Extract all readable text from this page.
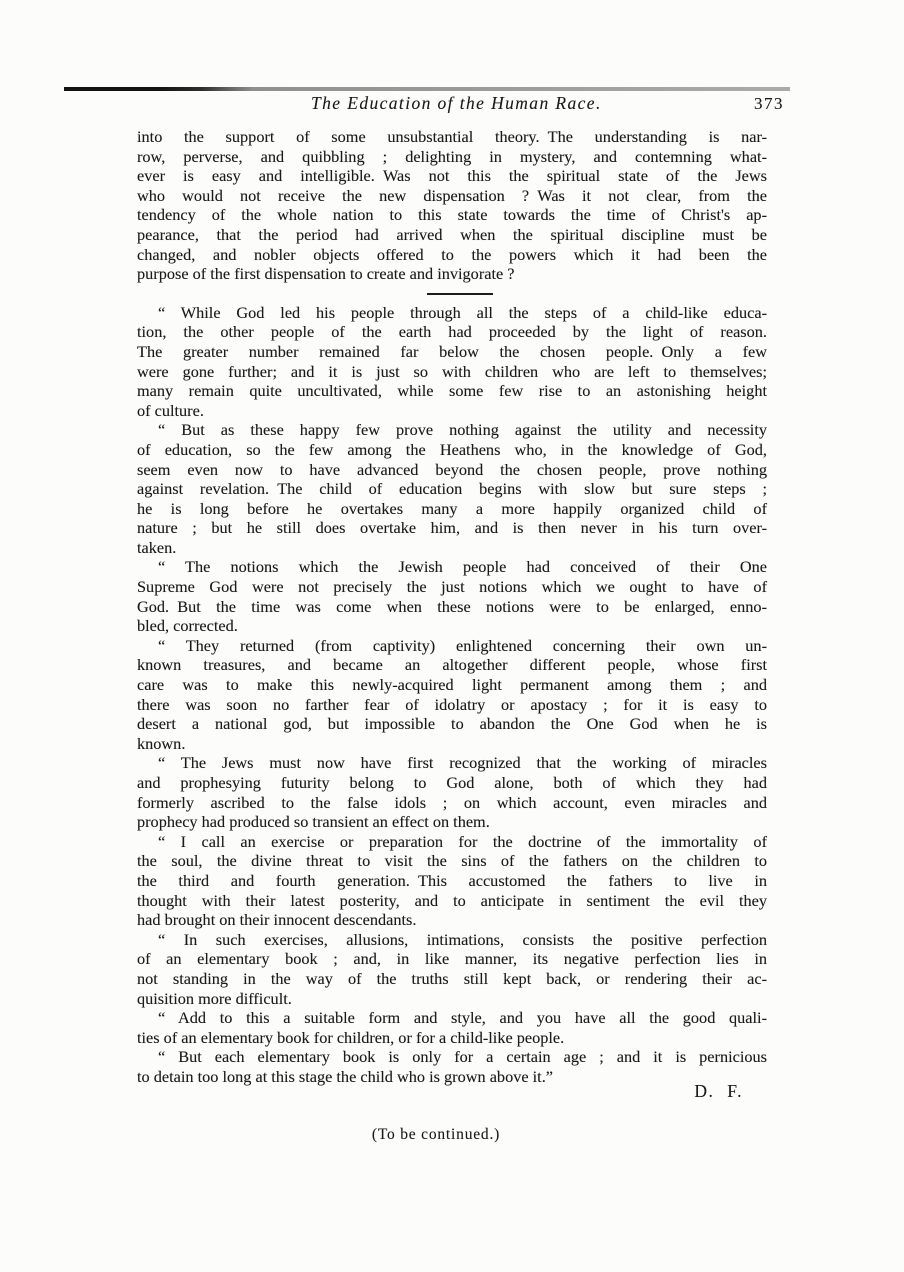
The Education of the Human Race.	373
into the support of some unsubstantial theory. The understanding is nar-
row, perverse, and quibbling ; delighting in mystery, and contemning what-
ever is easy and intelligible. Was not this the spiritual state of the Jews
who would not receive the new dispensation ? Was it not clear, from the
tendency of the whole nation to this state towards the time of Christ's ap-
pearance, that the period had arrived when the spiritual discipline must be
changed, and nobler objects offered to the powers which it had been the
purpose of the first dispensation to create and invigorate ?
“ While God led his people through all the steps of a child-like educa-
tion, the other people of the earth had proceeded by the light of reason.
The greater number remained far below the chosen people. Only a few
were gone further; and it is just so with children who are left to themselves;
many remain quite uncultivated, while some few rise to an astonishing height
of culture.
“ But as these happy few prove nothing against the utility and necessity
of education, so the few among the Heathens who, in the knowledge of God,
seem even now to have advanced beyond the chosen people, prove nothing
against revelation. The child of education begins with slow but sure steps ;
he is long before he overtakes many a more happily organized child of
nature ; but he still does overtake him, and is then never in his turn over-
taken.
“ The notions which the Jewish people had conceived of their One
Supreme God were not precisely the just notions which we ought to have of
God. But the time was come when these notions were to be enlarged, enno-
bled, corrected.
“ They returned (from captivity) enlightened concerning their own un-
known treasures, and became an altogether different people, whose first
care was to make this newly-acquired light permanent among them ; and
there was soon no farther fear of idolatry or apostacy ; for it is easy to
desert a national god, but impossible to abandon the One God when he is
known.
“ The Jews must now have first recognized that the working of miracles
and prophesying futurity belong to God alone, both of which they had
formerly ascribed to the false idols ; on which account, even miracles and
prophecy had produced so transient an effect on them.
“ I call an exercise or preparation for the doctrine of the immortality of
the soul, the divine threat to visit the sins of the fathers on the children to
the third and fourth generation. This accustomed the fathers to live in
thought with their latest posterity, and to anticipate in sentiment the evil they
had brought on their innocent descendants.
“ In such exercises, allusions, intimations, consists the positive perfection
of an elementary book ; and, in like manner, its negative perfection lies in
not standing in the way of the truths still kept back, or rendering their ac-
quisition more difficult.
“ Add to this a suitable form and style, and you have all the good quali-
ties of an elementary book for children, or for a child-like people.
“ But each elementary book is only for a certain age ; and it is pernicious
to detain too long at this stage the child who is grown above it.”
D. F.
(To be continued.)
